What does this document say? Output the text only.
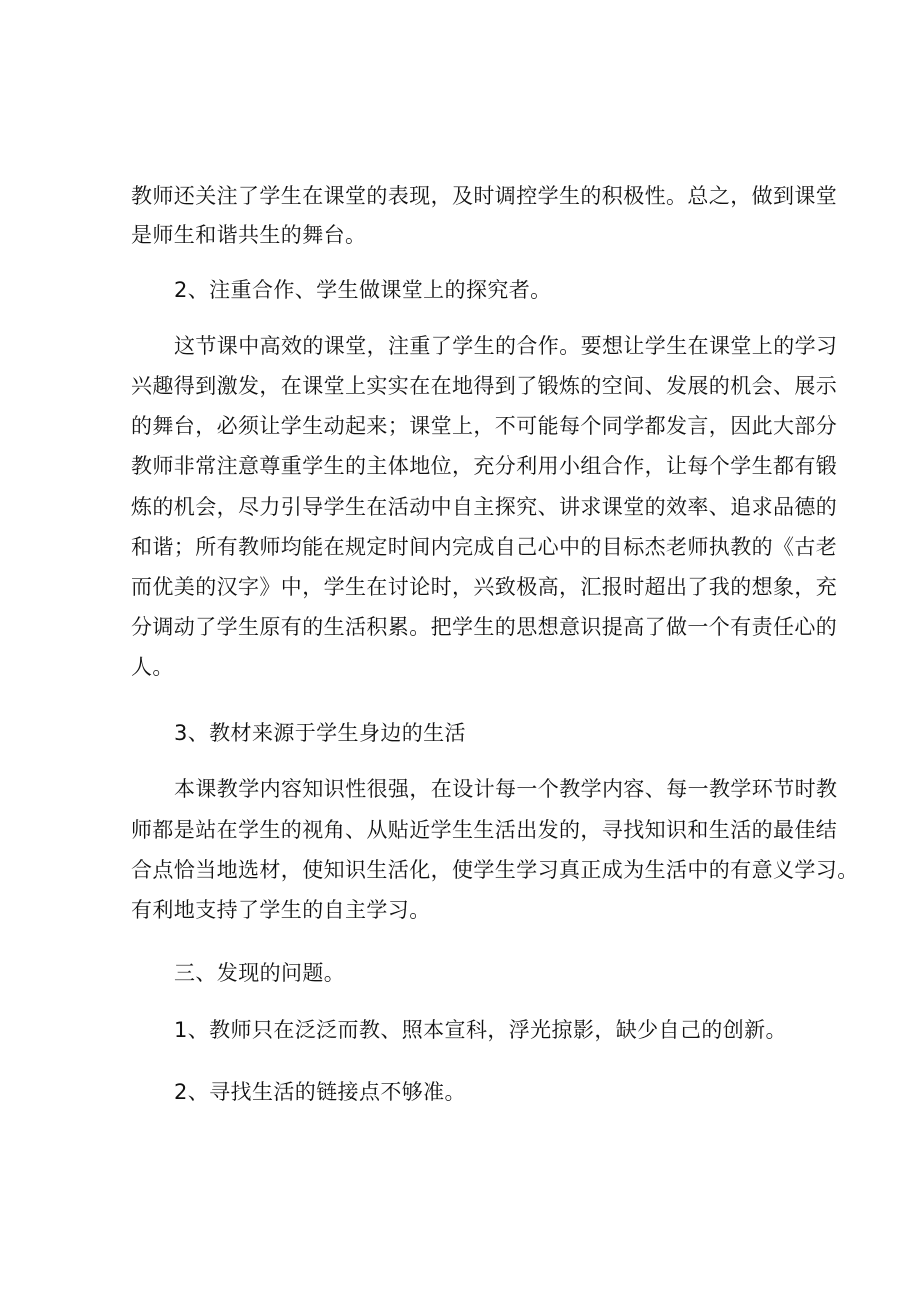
教师还关注了学生在课堂的表现，及时调控学生的积极性。总之，做到课堂
是师生和谐共生的舞台。
2、注重合作、学生做课堂上的探究者。
这节课中高效的课堂，注重了学生的合作。要想让学生在课堂上的学习
兴趣得到激发，在课堂上实实在在地得到了锻炼的空间、发展的机会、展示
的舞台，必须让学生动起来；课堂上，不可能每个同学都发言，因此大部分
教师非常注意尊重学生的主体地位，充分利用小组合作，让每个学生都有锻
炼的机会，尽力引导学生在活动中自主探究、讲求课堂的效率、追求品德的
和谐；所有教师均能在规定时间内完成自己心中的目标杰老师执教的《古老
而优美的汉字》中，学生在讨论时，兴致极高，汇报时超出了我的想象，充
分调动了学生原有的生活积累。把学生的思想意识提高了做一个有责任心的
人。
3、教材来源于学生身边的生活
本课教学内容知识性很强，在设计每一个教学内容、每一教学环节时教
师都是站在学生的视角、从贴近学生生活出发的，寻找知识和生活的最佳结
合点恰当地选材，使知识生活化，使学生学习真正成为生活中的有意义学习。
有利地支持了学生的自主学习。
三、发现的问题。
1、教师只在泛泛而教、照本宣科，浮光掠影，缺少自己的创新。
2、寻找生活的链接点不够准。
